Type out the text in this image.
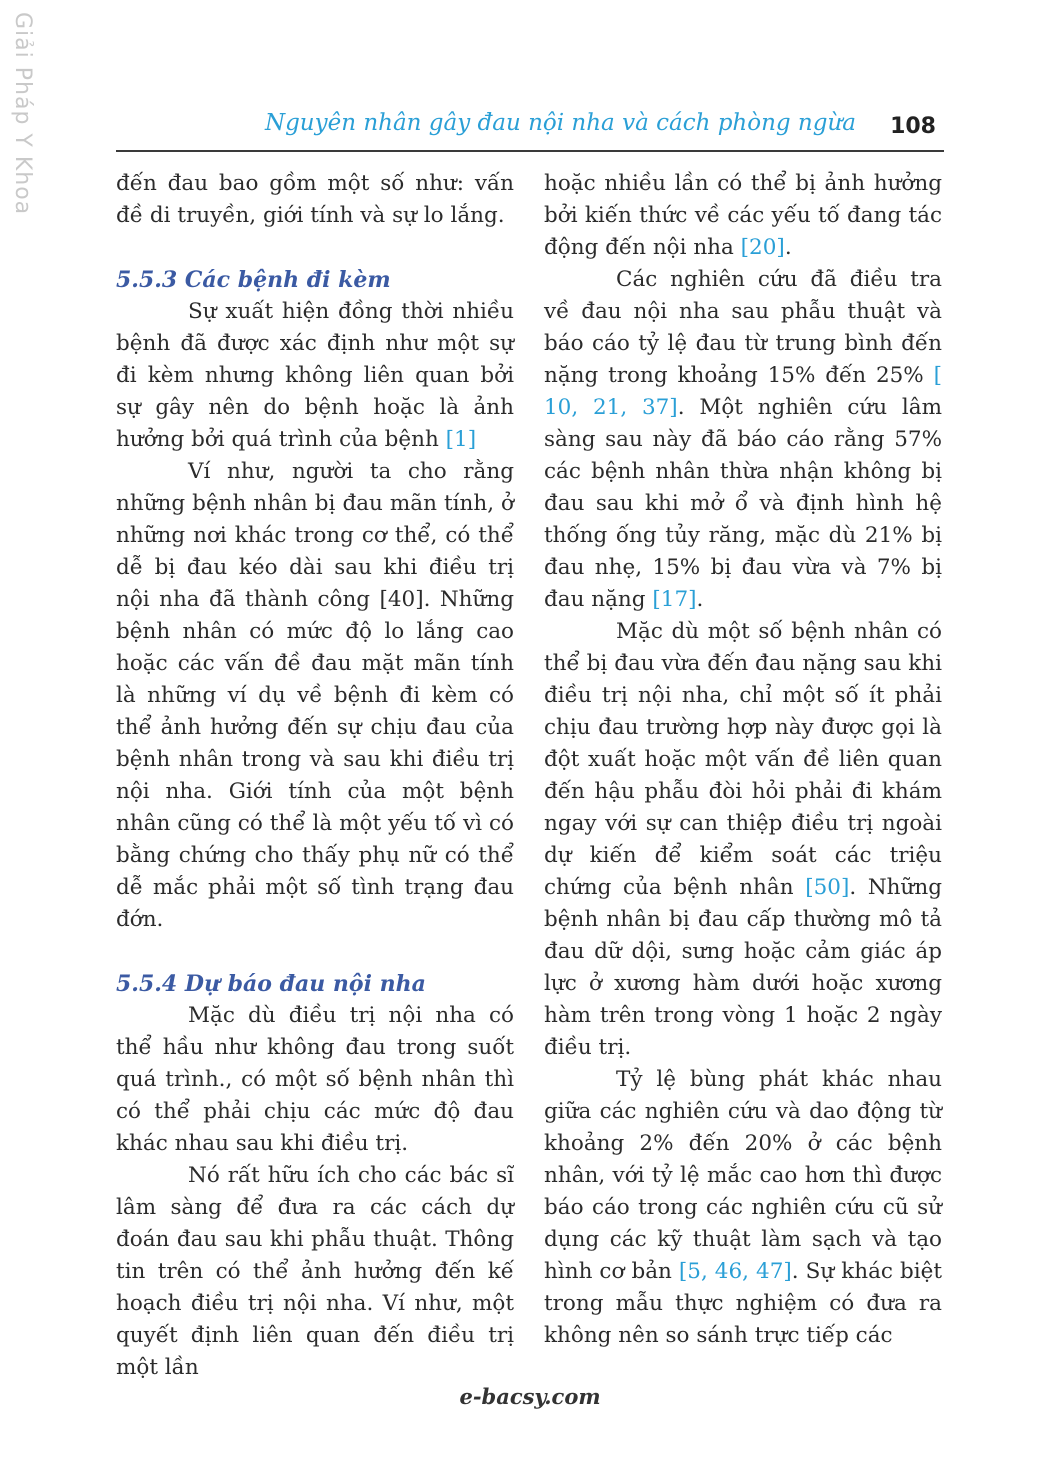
Giải Pháp Y Khoa	Nguyên nhân gây đau nội nha và cách phòng ngừa 108

đến đau bao gồm một số như: vấn đề di truyền, giới tính và sự lo lắng.

5.5.3 Các bệnh đi kèm

Sự xuất hiện đồng thời nhiều bệnh đã được xác định như một sự đi kèm nhưng không liên quan bởi sự gây nên do bệnh hoặc là ảnh hưởng bởi quá trình của bệnh [1]

Ví như, người ta cho rằng những bệnh nhân bị đau mãn tính, ở những nơi khác trong cơ thể, có thể dễ bị đau kéo dài sau khi điều trị nội nha đã thành công [40]. Những bệnh nhân có mức độ lo lắng cao hoặc các vấn đề đau mặt mãn tính là những ví dụ về bệnh đi kèm có thể ảnh hưởng đến sự chịu đau của bệnh nhân trong và sau khi điều trị nội nha. Giới tính của một bệnh nhân cũng có thể là một yếu tố vì có bằng chứng cho thấy phụ nữ có thể dễ mắc phải một số tình trạng đau đớn.

5.5.4 Dự báo đau nội nha

Mặc dù điều trị nội nha có thể hầu như không đau trong suốt quá trình., có một số bệnh nhân thì có thể phải chịu các mức độ đau khác nhau sau khi điều trị.

Nó rất hữu ích cho các bác sĩ lâm sàng để đưa ra các cách dự đoán đau sau khi phẫu thuật. Thông tin trên có thể ảnh hưởng đến kế hoạch điều trị nội nha. Ví như, một quyết định liên quan đến điều trị một lần

hoặc nhiều lần có thể bị ảnh hưởng bởi kiến thức về các yếu tố đang tác động đến nội nha [20].

Các nghiên cứu đã điều tra về đau nội nha sau phẫu thuật và báo cáo tỷ lệ đau từ trung bình đến nặng trong khoảng 15% đến 25% [ 10, 21, 37]. Một nghiên cứu lâm sàng sau này đã báo cáo rằng 57% các bệnh nhân thừa nhận không bị đau sau khi mở ổ và định hình hệ thống ống tủy răng, mặc dù 21% bị đau nhẹ, 15% bị đau vừa và 7% bị đau nặng [17].

Mặc dù một số bệnh nhân có thể bị đau vừa đến đau nặng sau khi điều trị nội nha, chỉ một số ít phải chịu đau trường hợp này được gọi là đột xuất hoặc một vấn đề liên quan đến hậu phẫu đòi hỏi phải đi khám ngay với sự can thiệp điều trị ngoài dự kiến để kiểm soát các triệu chứng của bệnh nhân [50]. Những bệnh nhân bị đau cấp thường mô tả đau dữ dội, sưng hoặc cảm giác áp lực ở xương hàm dưới hoặc xương hàm trên trong vòng 1 hoặc 2 ngày điều trị.

Tỷ lệ bùng phát khác nhau giữa các nghiên cứu và dao động từ khoảng 2% đến 20% ở các bệnh nhân, với tỷ lệ mắc cao hơn thì được báo cáo trong các nghiên cứu cũ sử dụng các kỹ thuật làm sạch và tạo hình cơ bản [5, 46, 47]. Sự khác biệt trong mẫu thực nghiệm có đưa ra không nên so sánh trực tiếp các

e-bacsy.com
